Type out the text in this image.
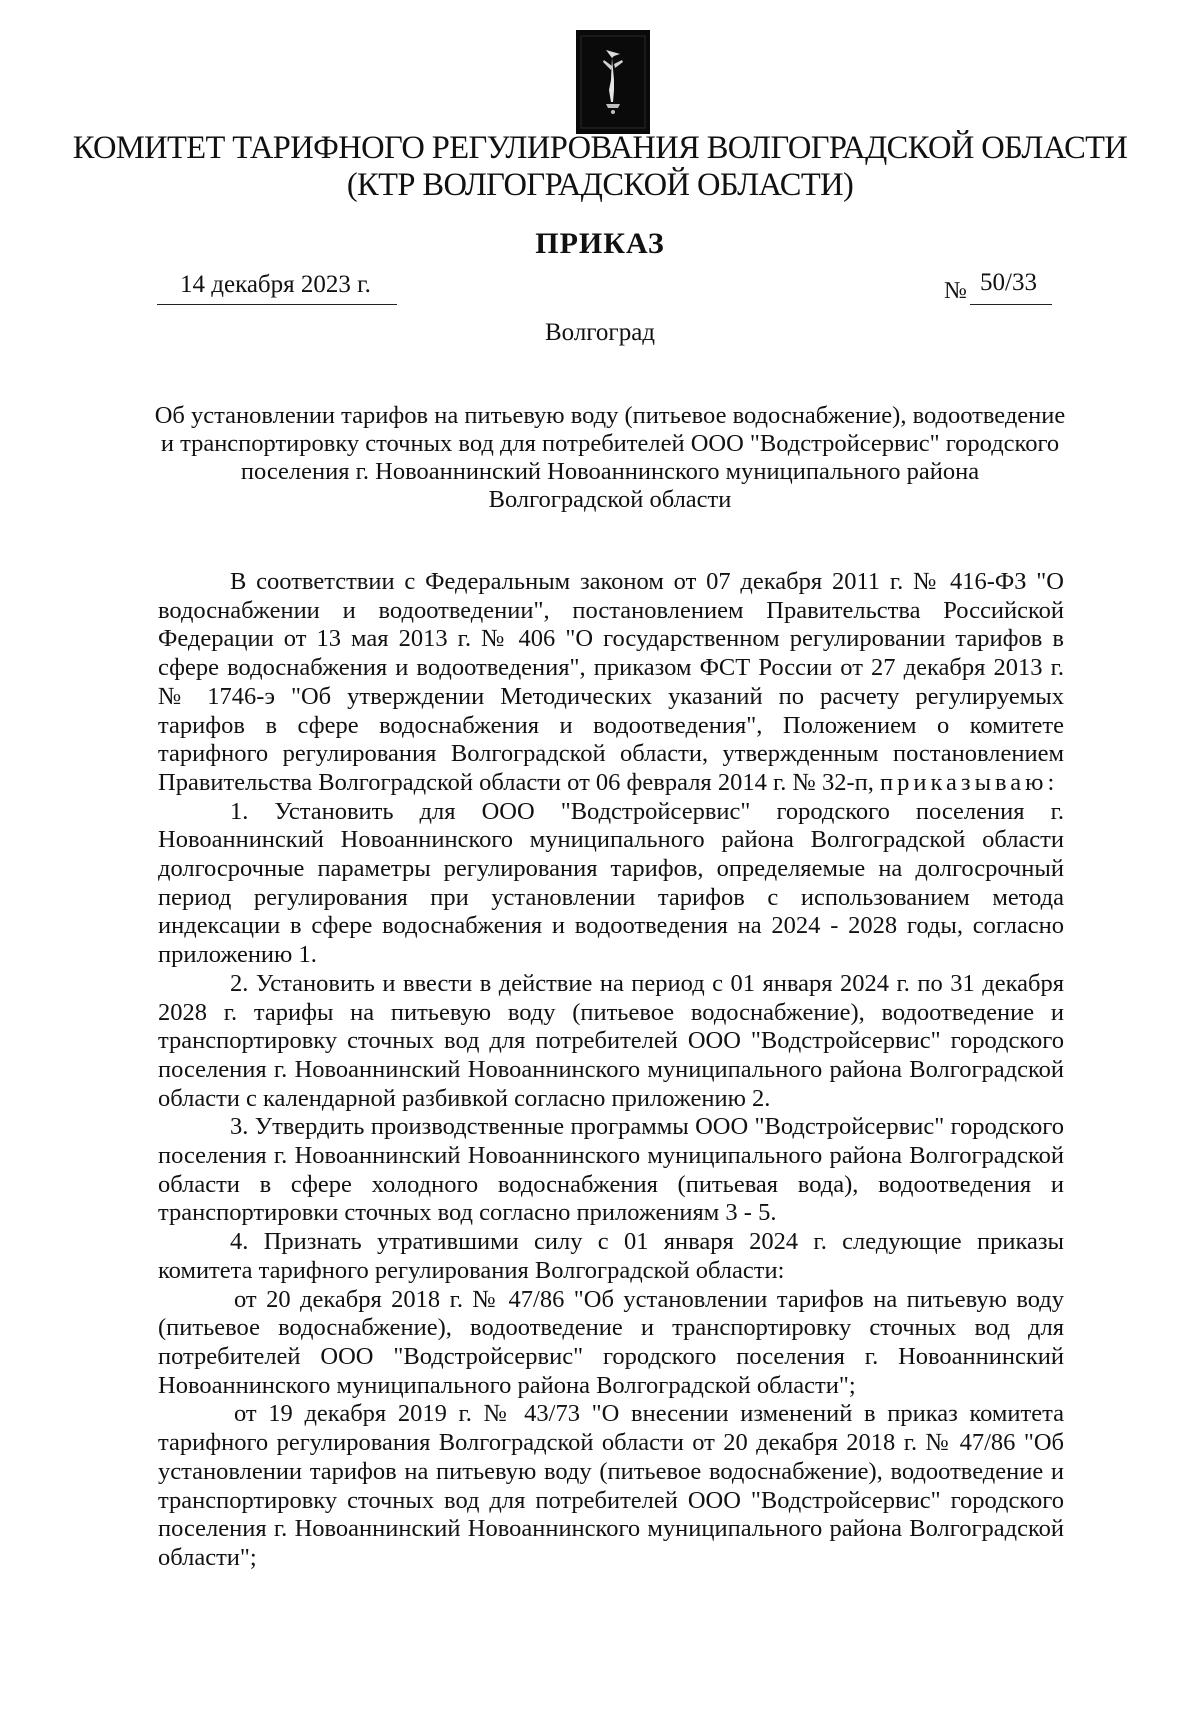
КОМИТЕТ ТАРИФНОГО РЕГУЛИРОВАНИЯ ВОЛГОГРАДСКОЙ ОБЛАСТИ
(КТР ВОЛГОГРАДСКОЙ ОБЛАСТИ)
ПРИКАЗ
14 декабря 2023 г.	№ 50/33
Волгоград
Об установлении тарифов на питьевую воду (питьевое водоснабжение), водоотведение
и транспортировку сточных вод для потребителей ООО "Водстройсервис" городского
поселения г. Новоаннинский Новоаннинского муниципального района
Волгоградской области

В соответствии с Федеральным законом от 07 декабря 2011 г. № 416-ФЗ "О водоснабжении и водоотведении", постановлением Правительства Российской Федерации от 13 мая 2013 г. № 406 "О государственном регулировании тарифов в сфере водоснабжения и водоотведения", приказом ФСТ России от 27 декабря 2013 г. № 1746-э "Об утверждении Методических указаний по расчету регулируемых тарифов в сфере водоснабжения и водоотведения", Положением о комитете тарифного регулирования Волгоградской области, утвержденным постановлением Правительства Волгоградской области от 06 февраля 2014 г. № 32-п, приказываю:

1. Установить для ООО "Водстройсервис" городского поселения г. Новоаннинский Новоаннинского муниципального района Волгоградской области долгосрочные параметры регулирования тарифов, определяемые на долгосрочный период регулирования при установлении тарифов с использованием метода индексации в сфере водоснабжения и водоотведения на 2024 - 2028 годы, согласно приложению 1.

2. Установить и ввести в действие на период с 01 января 2024 г. по 31 декабря 2028 г. тарифы на питьевую воду (питьевое водоснабжение), водоотведение и транспортировку сточных вод для потребителей ООО "Водстройсервис" городского поселения г. Новоаннинский Новоаннинского муниципального района Волгоградской области с календарной разбивкой согласно приложению 2.

3. Утвердить производственные программы ООО "Водстройсервис" городского поселения г. Новоаннинский Новоаннинского муниципального района Волгоградской области в сфере холодного водоснабжения (питьевая вода), водоотведения и транспортировки сточных вод согласно приложениям 3 - 5.

4. Признать утратившими силу с 01 января 2024 г. следующие приказы комитета тарифного регулирования Волгоградской области:

от 20 декабря 2018 г. № 47/86 "Об установлении тарифов на питьевую воду (питьевое водоснабжение), водоотведение и транспортировку сточных вод для потребителей ООО "Водстройсервис" городского поселения г. Новоаннинский Новоаннинского муниципального района Волгоградской области";

от 19 декабря 2019 г. № 43/73 "О внесении изменений в приказ комитета тарифного регулирования Волгоградской области от 20 декабря 2018 г. № 47/86 "Об установлении тарифов на питьевую воду (питьевое водоснабжение), водоотведение и транспортировку сточных вод для потребителей ООО "Водстройсервис" городского поселения г. Новоаннинский Новоаннинского муниципального района Волгоградской области";
